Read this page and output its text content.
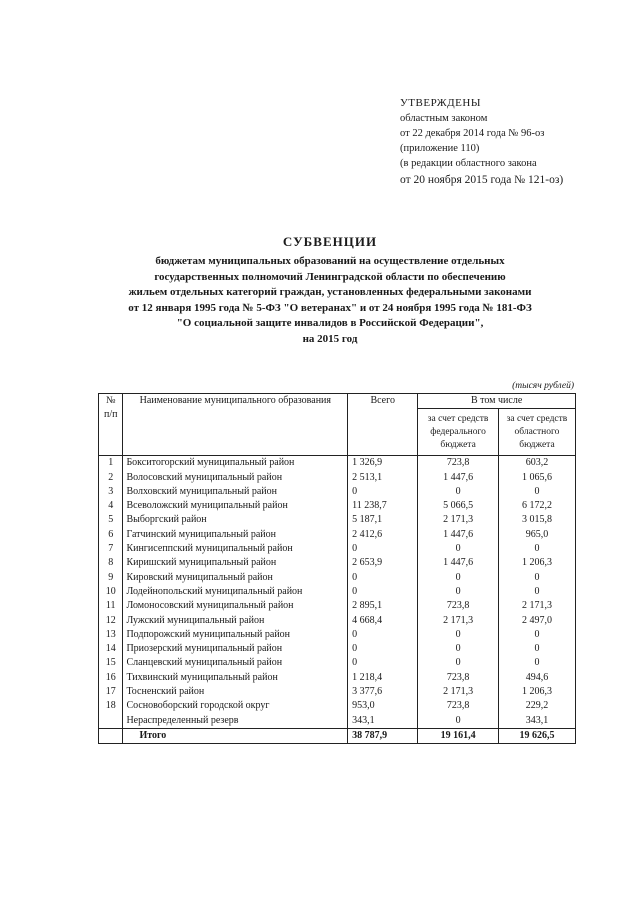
УТВЕРЖДЕНЫ
областным законом
от 22 декабря 2014 года № 96-оз
(приложение 110)
(в редакции областного закона
от 20 ноября 2015 года № 121-оз)
СУБВЕНЦИИ
бюджетам муниципальных образований на осуществление отдельных
государственных полномочий Ленинградской области по обеспечению
жильем отдельных категорий граждан, установленных федеральными законами
от 12 января 1995 года № 5-ФЗ "О ветеранах" и от 24 ноября 1995 года № 181-ФЗ
"О социальной защите инвалидов в Российской Федерации",
на 2015 год
(тысяч рублей)
№ п/п	Наименование муниципального образования	Всего	В том числе	
			за счет средств федерального бюджета	за счет средств областного бюджета
1	Бокситогорский муниципальный район	1 326,9	723,8	603,2
2	Волосовский муниципальный район	2 513,1	1 447,6	1 065,6
3	Волховский муниципальный район	0	0	0
4	Всеволожский муниципальный район	11 238,7	5 066,5	6 172,2
5	Выборгский район	5 187,1	2 171,3	3 015,8
6	Гатчинский муниципальный район	2 412,6	1 447,6	965,0
7	Кингисеппский муниципальный район	0	0	0
8	Киришский муниципальный район	2 653,9	1 447,6	1 206,3
9	Кировский муниципальный район	0	0	0
10	Лодейнопольский муниципальный район	0	0	0
11	Ломоносовский муниципальный район	2 895,1	723,8	2 171,3
12	Лужский муниципальный район	4 668,4	2 171,3	2 497,0
13	Подпорожский муниципальный район	0	0	0
14	Приозерский муниципальный район	0	0	0
15	Сланцевский муниципальный район	0	0	0
16	Тихвинский муниципальный район	1 218,4	723,8	494,6
17	Тосненский район	3 377,6	2 171,3	1 206,3
18	Сосновоборский городской округ	953,0	723,8	229,2
	Нераспределенный резерв	343,1	0	343,1
	Итого	38 787,9	19 161,4	19 626,5
